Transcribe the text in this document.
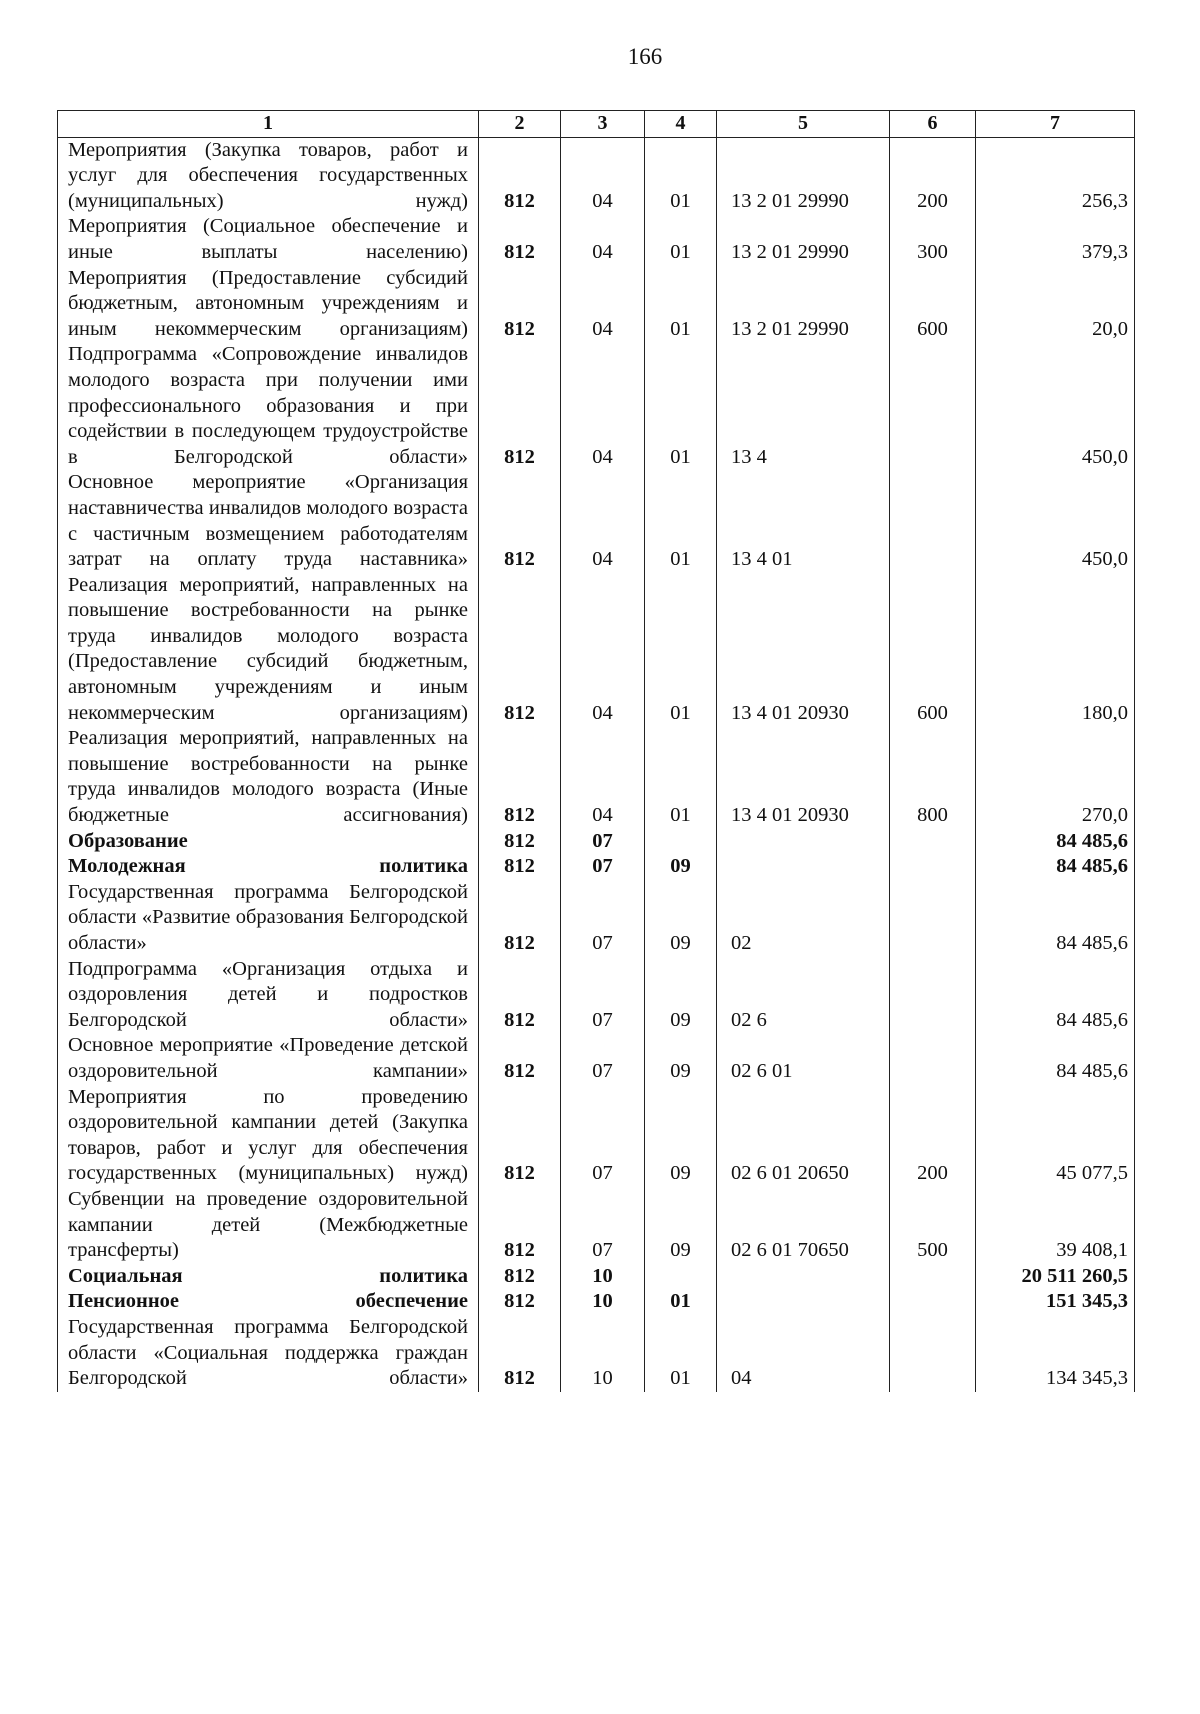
166
1	2	3	4	5	6	7
Мероприятия (Закупка товаров, работ и услуг для обеспечения государственных (муниципальных) нужд)	812	04	01	13 2 01 29990	200	256,3
Мероприятия (Социальное обеспечение и иные выплаты населению)	812	04	01	13 2 01 29990	300	379,3
Мероприятия (Предоставление субсидий бюджетным, автономным учреждениям и иным некоммерческим организациям)	812	04	01	13 2 01 29990	600	20,0
Подпрограмма «Сопровождение инвалидов молодого возраста при получении ими профессионального образования и при содействии в последующем трудоустройстве в Белгородской области»	812	04	01	13 4		450,0
Основное мероприятие «Организация наставничества инвалидов молодого возраста с частичным возмещением работодателям затрат на оплату труда наставника»	812	04	01	13 4 01		450,0
Реализация мероприятий, направленных на повышение востребованности на рынке труда инвалидов молодого возраста (Предоставление субсидий бюджетным, автономным учреждениям и иным некоммерческим организациям)	812	04	01	13 4 01 20930	600	180,0
Реализация мероприятий, направленных на повышение востребованности на рынке труда инвалидов молодого возраста (Иные бюджетные ассигнования)	812	04	01	13 4 01 20930	800	270,0
Образование	812	07				84 485,6
Молодежная политика	812	07	09			84 485,6
Государственная программа Белгородской области «Развитие образования Белгородской области»	812	07	09	02		84 485,6
Подпрограмма «Организация отдыха и оздоровления детей и подростков Белгородской области»	812	07	09	02 6		84 485,6
Основное мероприятие «Проведение детской оздоровительной кампании»	812	07	09	02 6 01		84 485,6
Мероприятия по проведению оздоровительной кампании детей (Закупка товаров, работ и услуг для обеспечения государственных (муниципальных) нужд)	812	07	09	02 6 01 20650	200	45 077,5
Субвенции на проведение оздоровительной кампании детей (Межбюджетные трансферты)	812	07	09	02 6 01 70650	500	39 408,1
Социальная политика	812	10				20 511 260,5
Пенсионное обеспечение	812	10	01			151 345,3
Государственная программа Белгородской области «Социальная поддержка граждан Белгородской области»	812	10	01	04		134 345,3
